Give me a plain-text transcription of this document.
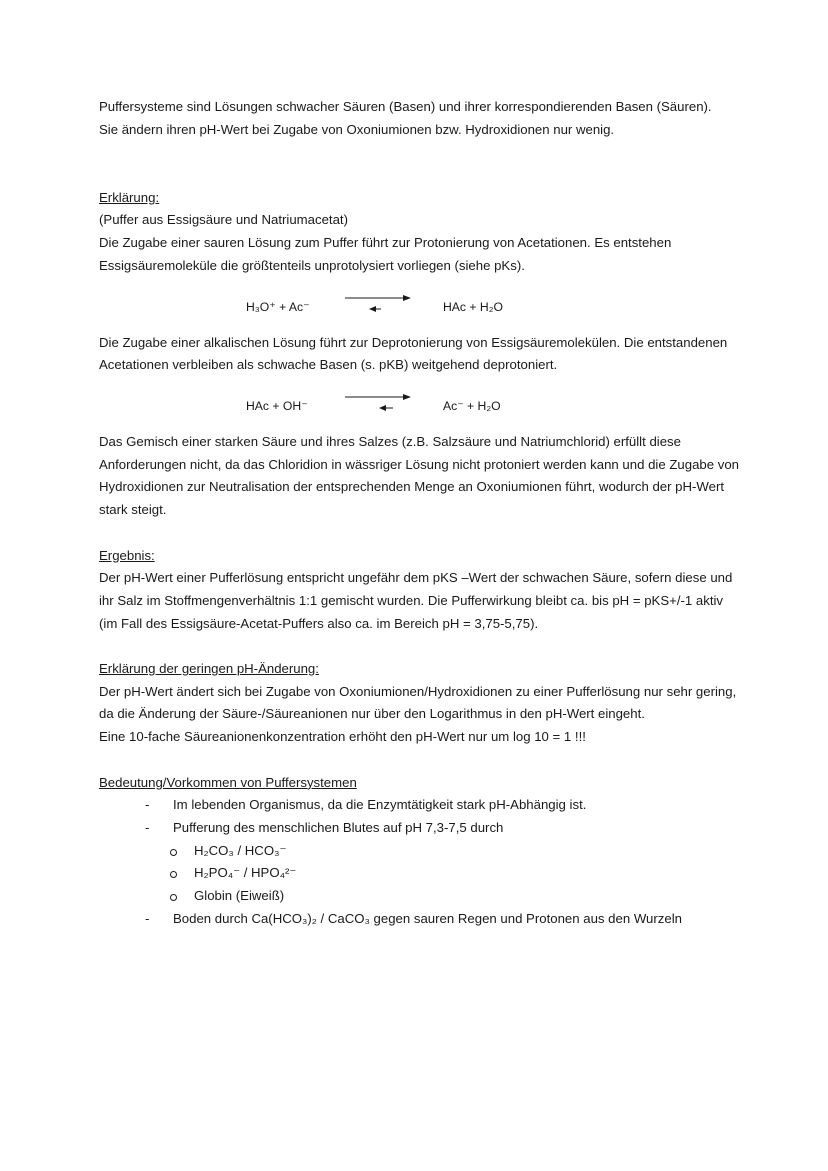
Puffersysteme sind Lösungen schwacher Säuren (Basen) und ihrer korrespondierenden Basen (Säuren).

Sie ändern ihren pH-Wert bei Zugabe von Oxoniumionen bzw. Hydroxidionen nur wenig.

Erklärung:

(Puffer aus Essigsäure und Natriumacetat)

Die Zugabe einer sauren Lösung zum Puffer führt zur Protonierung von Acetationen. Es entstehen Essigsäuremoleküle die größtenteils unprotolysiert vorliegen (siehe pKs).

H₃O⁺ + Ac⁻	HAc + H₂O

Die Zugabe einer alkalischen Lösung führt zur Deprotonierung von Essigsäuremolekülen. Die entstandenen Acetationen verbleiben als schwache Basen (s. pKB) weitgehend deprotoniert.

HAc + OH⁻	Ac⁻ + H₂O

Das Gemisch einer starken Säure und ihres Salzes (z.B. Salzsäure und Natriumchlorid) erfüllt diese Anforderungen nicht, da das Chloridion in wässriger Lösung nicht protoniert werden kann und die Zugabe von Hydroxidionen zur Neutralisation der entsprechenden Menge an Oxoniumionen führt, wodurch der pH-Wert stark steigt.

Ergebnis:

Der pH-Wert einer Pufferlösung entspricht ungefähr dem pKS –Wert der schwachen Säure, sofern diese und ihr Salz im Stoffmengenverhältnis 1:1 gemischt wurden. Die Pufferwirkung bleibt ca. bis pH = pKS+/-1 aktiv (im Fall des Essigsäure-Acetat-Puffers also ca. im Bereich pH = 3,75-5,75).

Erklärung der geringen pH-Änderung:

Der pH-Wert ändert sich bei Zugabe von Oxoniumionen/Hydroxidionen zu einer Pufferlösung nur sehr gering, da die Änderung der Säure-/Säureanionen nur über den Logarithmus in den pH-Wert eingeht.

Eine 10-fache Säureanionenkonzentration erhöht den pH-Wert nur um log 10 = 1 !!!

Bedeutung/Vorkommen von Puffersystemen

- Im lebenden Organismus, da die Enzymtätigkeit stark pH-Abhängig ist.
- Pufferung des menschlichen Blutes auf pH 7,3-7,5 durch
H₂CO₃ / HCO₃⁻
H₂PO₄⁻ / HPO₄²⁻
Globin (Eiweiß)
- Boden durch Ca(HCO₃)₂ / CaCO₃ gegen sauren Regen und Protonen aus den Wurzeln
